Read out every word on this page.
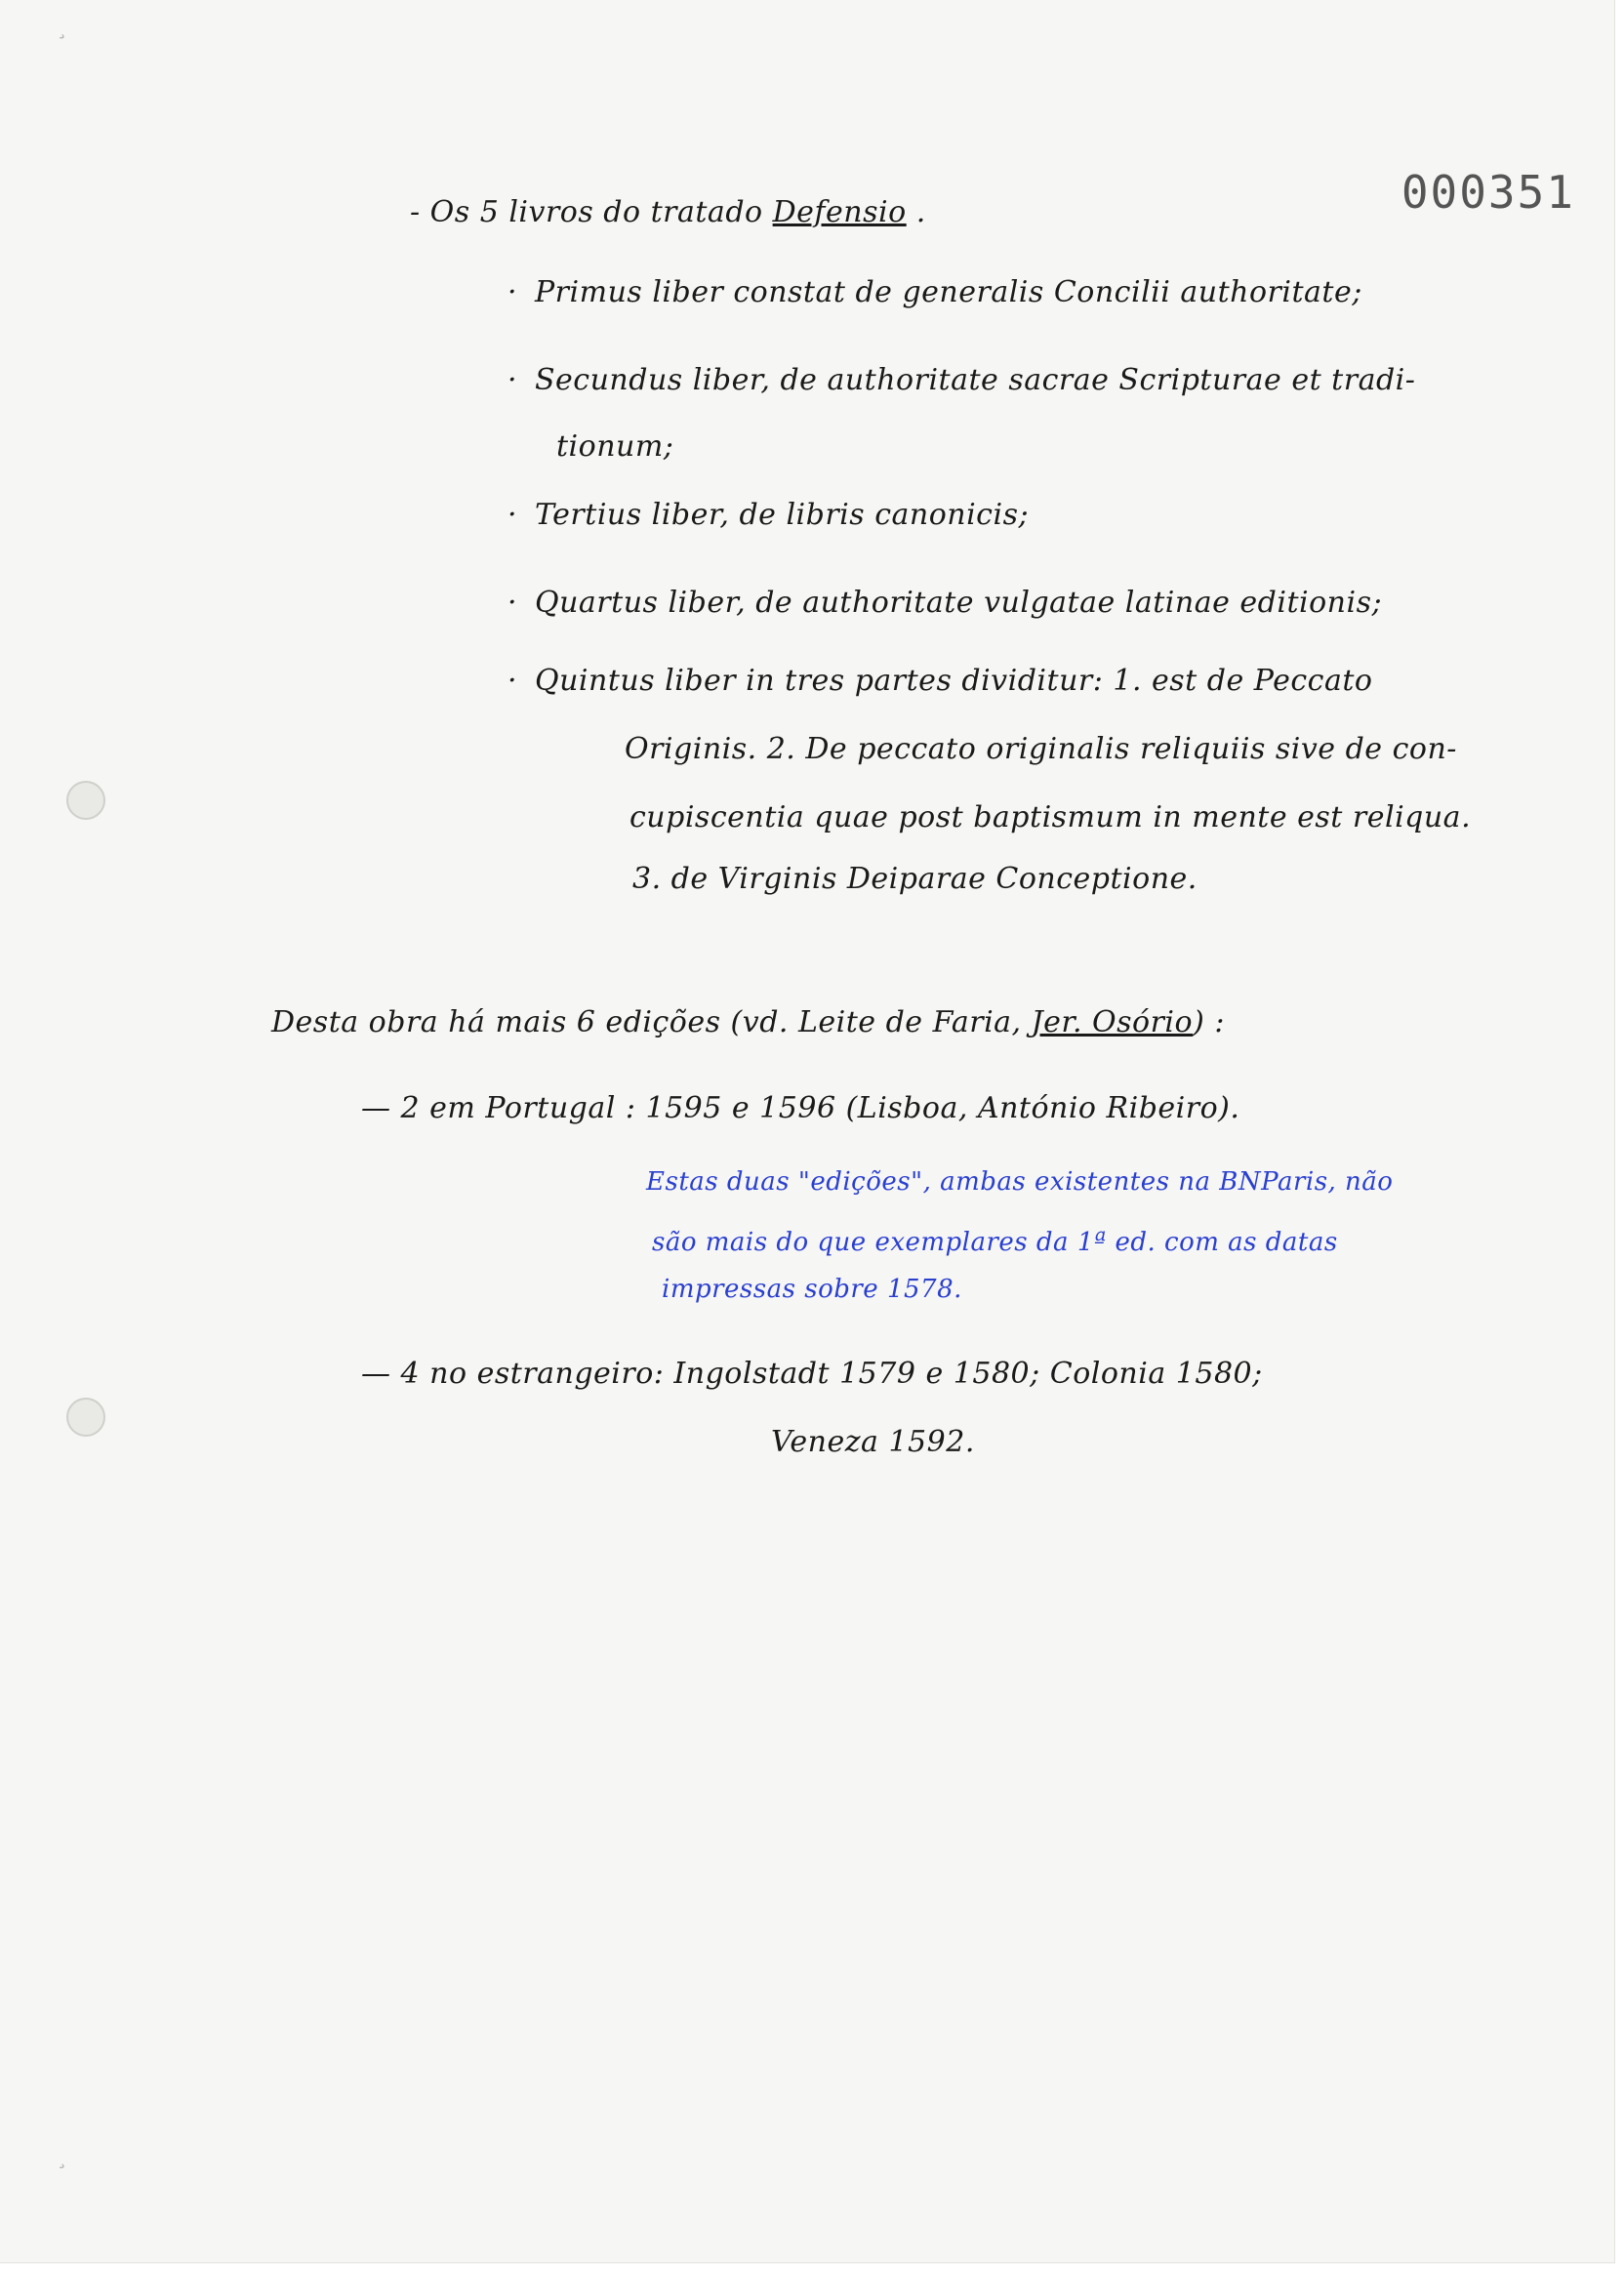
¸
¸
000351
- Os 5 livros do tratado Defensio .
· Primus liber constat de generalis Concilii authoritate;
· Secundus liber, de authoritate sacrae Scripturae et tradi-
tionum;
· Tertius liber, de libris canonicis;
· Quartus liber, de authoritate vulgatae latinae editionis;
· Quintus liber in tres partes dividitur: 1. est de Peccato
Originis. 2. De peccato originalis reliquiis sive de con-
cupiscentia quae post baptismum in mente est reliqua.
3. de Virginis Deiparae Conceptione.
Desta obra há mais 6 edições (vd. Leite de Faria, Jer. Osório) :
— 2 em Portugal : 1595 e 1596 (Lisboa, António Ribeiro).
Estas duas "edições", ambas existentes na BNParis, não
são mais do que exemplares da 1ª ed. com as datas
impressas sobre 1578.
— 4 no estrangeiro: Ingolstadt 1579 e 1580; Colonia 1580;
Veneza 1592.
